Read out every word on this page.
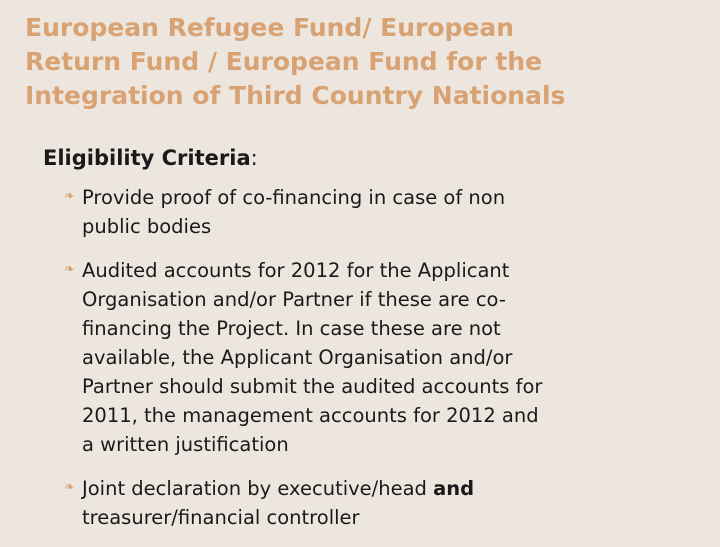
European Refugee Fund/ European
Return Fund / European Fund for the
Integration of Third Country Nationals
Eligibility Criteria:
❧ Provide proof of co-financing in case of non
public bodies
❧ Audited accounts for 2012 for the Applicant
Organisation and/or Partner if these are co-
financing the Project. In case these are not
available, the Applicant Organisation and/or
Partner should submit the audited accounts for
2011, the management accounts for 2012 and
a written justification
❧ Joint declaration by executive/head and
treasurer/financial controller
